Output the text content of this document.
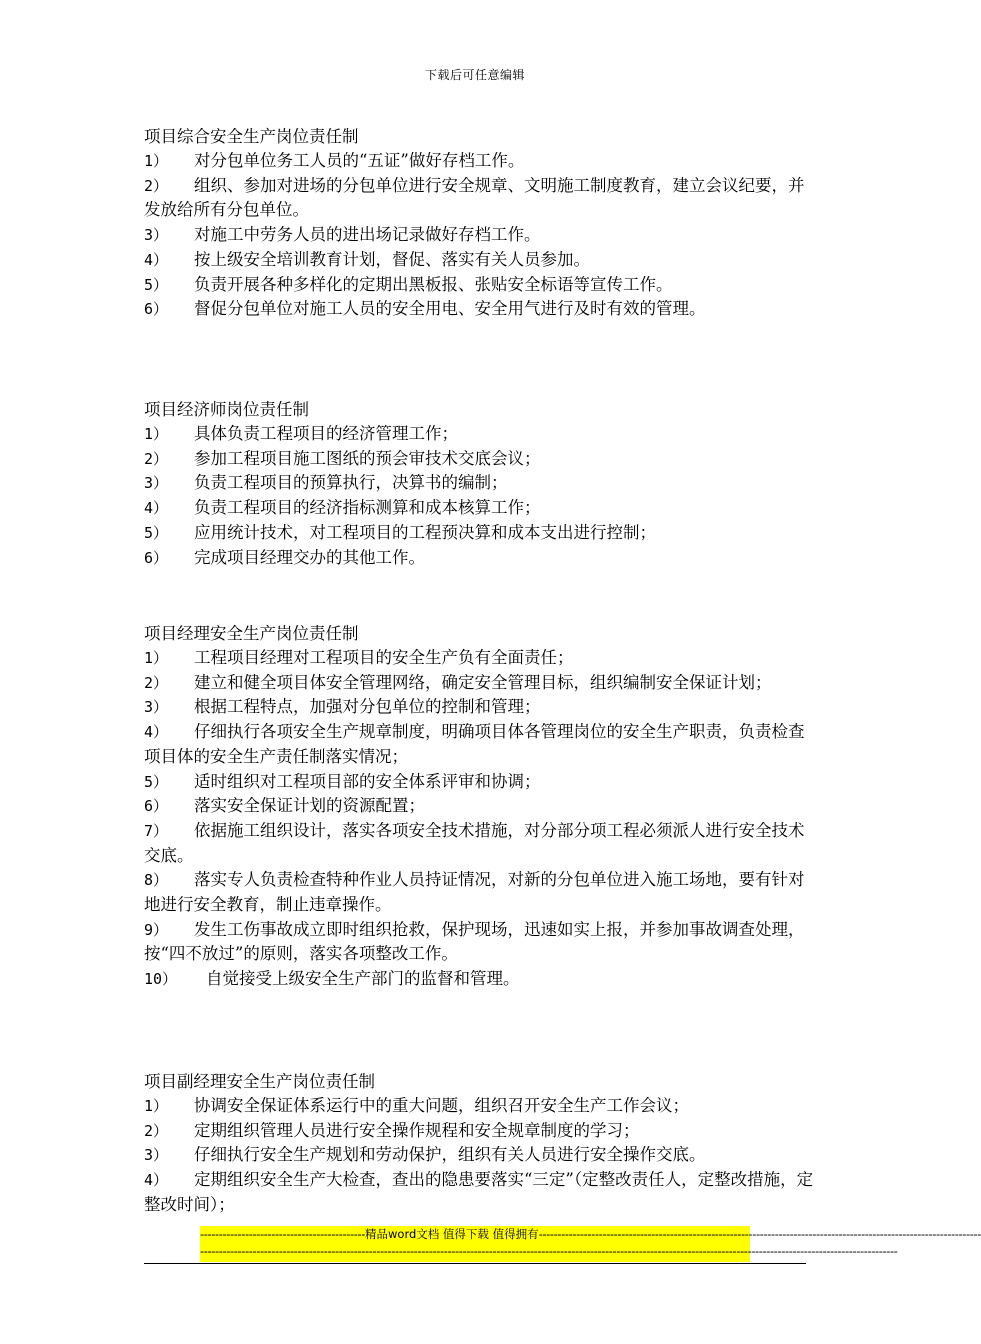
下载后可任意编辑
项目综合安全生产岗位责任制
1） 对分包单位务工人员的“五证”做好存档工作。
2） 组织、参加对进场的分包单位进行安全规章、文明施工制度教育，建立会议纪要，并发放给所有分包单位。
3） 对施工中劳务人员的进出场记录做好存档工作。
4） 按上级安全培训教育计划，督促、落实有关人员参加。
5） 负责开展各种多样化的定期出黑板报、张贴安全标语等宣传工作。
6） 督促分包单位对施工人员的安全用电、安全用气进行及时有效的管理。
项目经济师岗位责任制
1） 具体负责工程项目的经济管理工作；
2） 参加工程项目施工图纸的预会审技术交底会议；
3） 负责工程项目的预算执行，决算书的编制；
4） 负责工程项目的经济指标测算和成本核算工作；
5） 应用统计技术，对工程项目的工程预决算和成本支出进行控制；
6） 完成项目经理交办的其他工作。
项目经理安全生产岗位责任制
1） 工程项目经理对工程项目的安全生产负有全面责任；
2） 建立和健全项目体安全管理网络，确定安全管理目标，组织编制安全保证计划；
3） 根据工程特点，加强对分包单位的控制和管理；
4） 仔细执行各项安全生产规章制度，明确项目体各管理岗位的安全生产职责，负责检查项目体的安全生产责任制落实情况；
5） 适时组织对工程项目部的安全体系评审和协调；
6） 落实安全保证计划的资源配置；
7） 依据施工组织设计，落实各项安全技术措施，对分部分项工程必须派人进行安全技术交底。
8） 落实专人负责检查特种作业人员持证情况，对新的分包单位进入施工场地，要有针对地进行安全教育，制止违章操作。
9） 发生工伤事故成立即时组织抢救，保护现场，迅速如实上报，并参加事故调查处理，按“四不放过”的原则，落实各项整改工作。
10） 自觉接受上级安全生产部门的监督和管理。
项目副经理安全生产岗位责任制
1） 协调安全保证体系运行中的重大问题，组织召开安全生产工作会议；
2） 定期组织管理人员进行安全操作规程和安全规章制度的学习；
3） 仔细执行安全生产规划和劳动保护，组织有关人员进行安全操作交底。
4） 定期组织安全生产大检查，查出的隐患要落实“三定”（定整改责任人，定整改措施，定整改时间）；
-------------------------------------------- 精品word文档 值得下载 值得拥有 ----------------------------------------------------------------------------------------------------------------------
------------------------------------------------------------------------------------------------------------------------------------------------------------------------------------------
